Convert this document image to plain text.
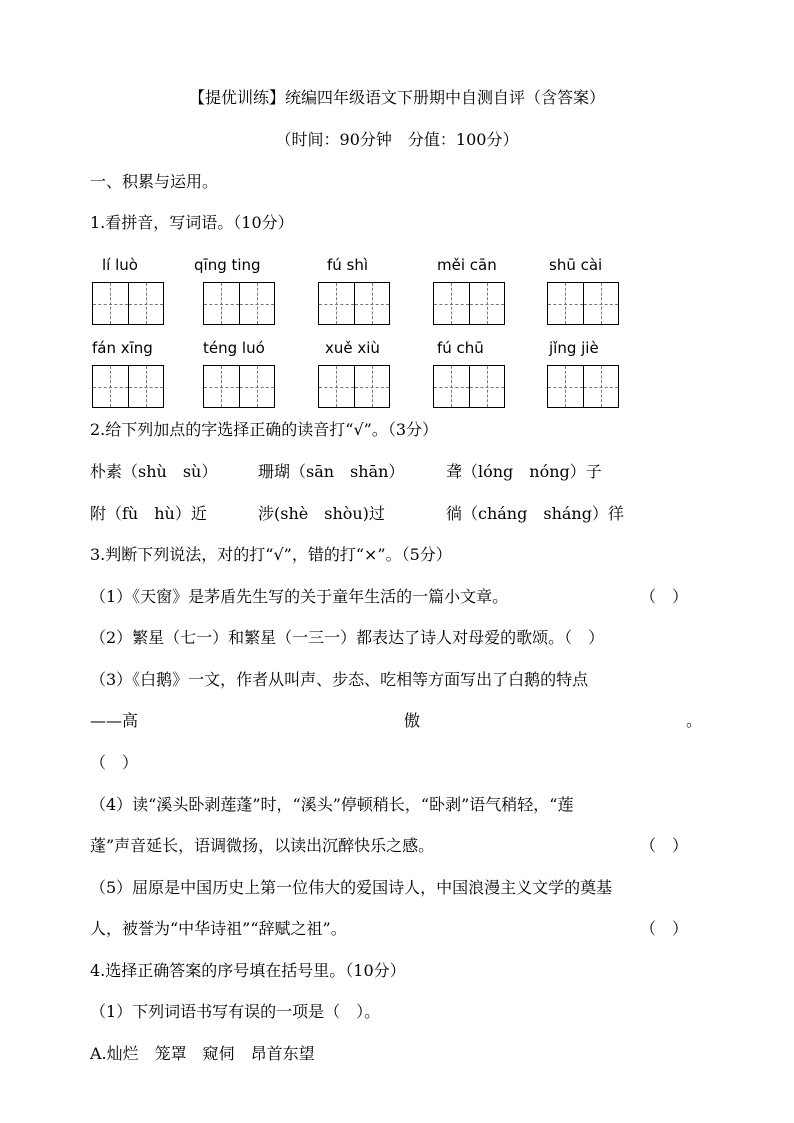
【提优训练】统编四年级语文下册期中自测自评（含答案）
（时间：90分钟　分值：100分）
一、积累与运用。
1.看拼音，写词语。（10分）
lí luò	qīng ting	fú shì	měi cān	shū cài
fán xīng	téng luó	xuě xiù	fú chū	jǐng jiè
2.给下列加点的字选择正确的读音打“√”。（3分）
朴素（shù　sù）	珊瑚（sān　shān）	聋（lóng　nóng）子
附（fù　hù）近	涉(shè　shòu)过	徜（cháng　sháng）徉
3.判断下列说法，对的打“√”，错的打“×”。（5分）
（1）《天窗》是茅盾先生写的关于童年生活的一篇小文章。	（　）
（2）繁星（七一）和繁星（一三一）都表达了诗人对母爱的歌颂。（　）
（3）《白鹅》一文，作者从叫声、步态、吃相等方面写出了白鹅的特点
——高	傲	。
（　）
（4）读“溪头卧剥莲蓬”时，“溪头”停顿稍长，“卧剥”语气稍轻，“莲
蓬”声音延长，语调微扬，以读出沉醉快乐之感。	（　）
（5）屈原是中国历史上第一位伟大的爱国诗人，中国浪漫主义文学的奠基
人，被誉为“中华诗祖”“辞赋之祖”。	（　）
4.选择正确答案的序号填在括号里。（10分）
（1）下列词语书写有误的一项是（　）。
A.灿烂　笼罩　窥伺　昂首东望
